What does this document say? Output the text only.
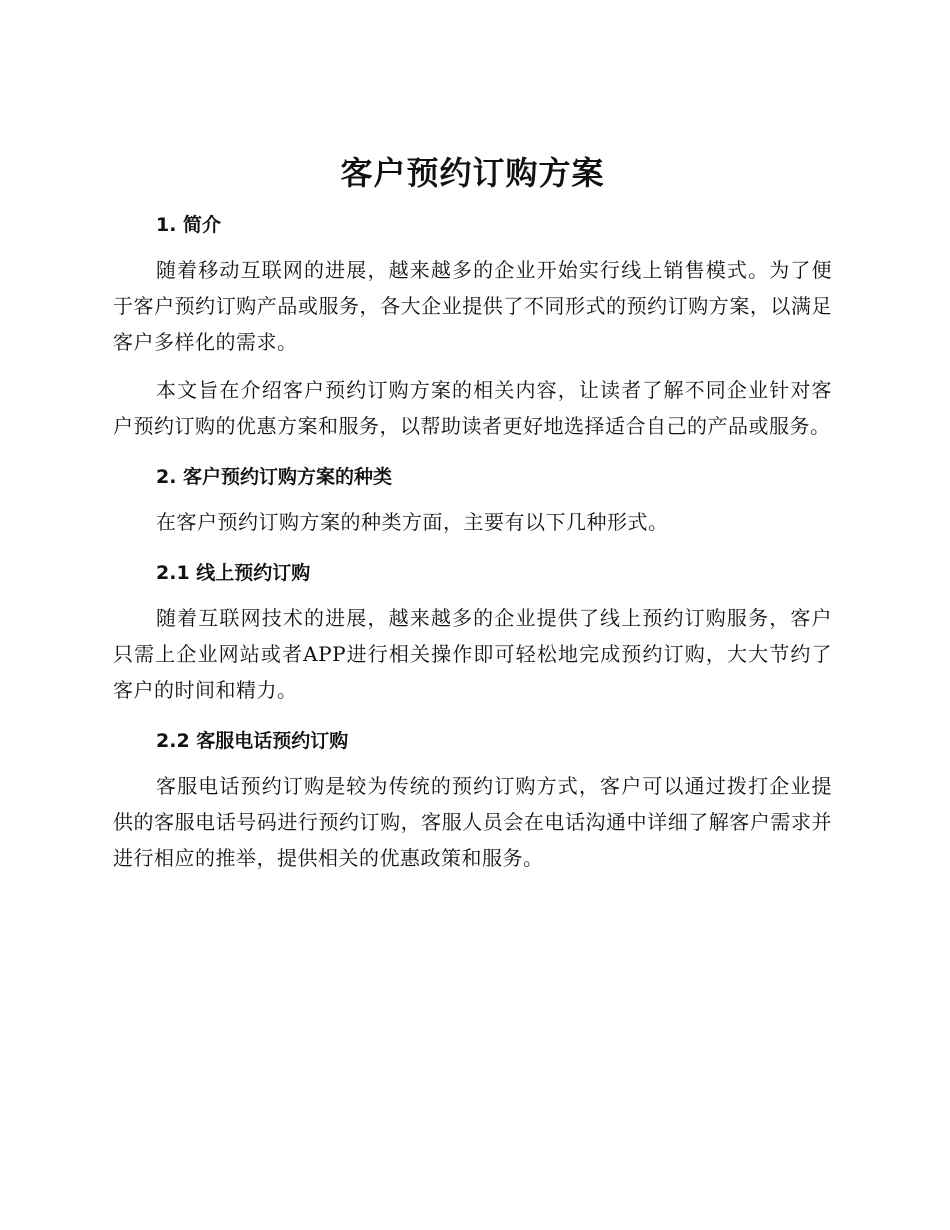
客户预约订购方案
1. 简介

随着移动互联网的进展，越来越多的企业开始实行线上销售模式。为了便于客户预约订购产品或服务，各大企业提供了不同形式的预约订购方案，以满足客户多样化的需求。

本文旨在介绍客户预约订购方案的相关内容，让读者了解不同企业针对客户预约订购的优惠方案和服务，以帮助读者更好地选择适合自己的产品或服务。

2. 客户预约订购方案的种类

在客户预约订购方案的种类方面，主要有以下几种形式。

2.1 线上预约订购

随着互联网技术的进展，越来越多的企业提供了线上预约订购服务，客户只需上企业网站或者APP进行相关操作即可轻松地完成预约订购，大大节约了客户的时间和精力。

2.2 客服电话预约订购

客服电话预约订购是较为传统的预约订购方式，客户可以通过拨打企业提供的客服电话号码进行预约订购，客服人员会在电话沟通中详细了解客户需求并进行相应的推举，提供相关的优惠政策和服务。
